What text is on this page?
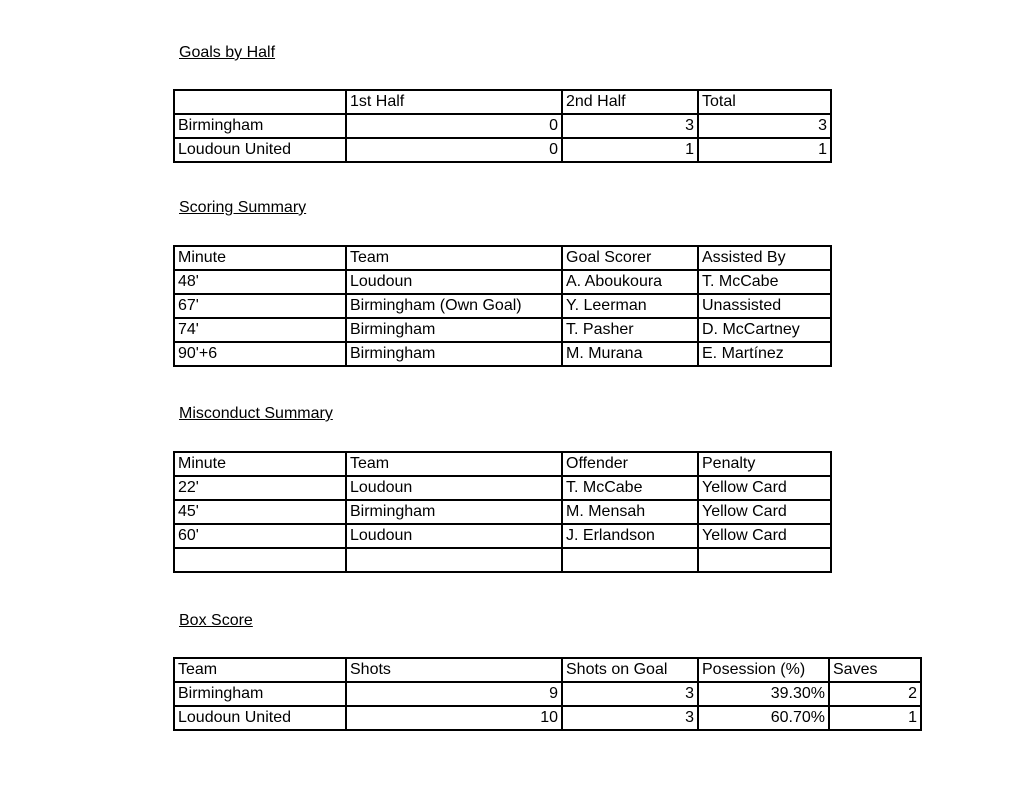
Goals by Half
	1st Half	2nd Half	Total
Birmingham	0	3	3
Loudoun United	0	1	1
Scoring Summary
Minute	Team	Goal Scorer	Assisted By
48'	Loudoun	A. Aboukoura	T. McCabe
67'	Birmingham (Own Goal)	Y. Leerman	Unassisted
74'	Birmingham	T. Pasher	D. McCartney
90'+6	Birmingham	M. Murana	E. Martínez
Misconduct Summary
Minute	Team	Offender	Penalty
22'	Loudoun	T. McCabe	Yellow Card
45'	Birmingham	M. Mensah	Yellow Card
60'	Loudoun	J. Erlandson	Yellow Card

Box Score
Team	Shots	Shots on Goal	Posession (%)	Saves
Birmingham	9	3	39.30%	2
Loudoun United	10	3	60.70%	1
